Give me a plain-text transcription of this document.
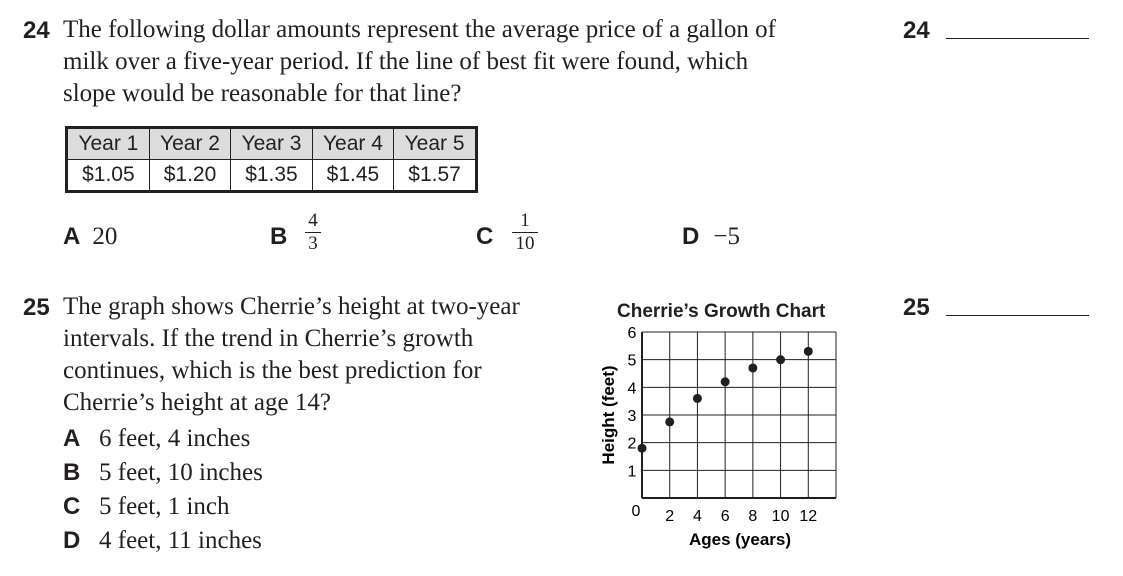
24 The following dollar amounts represent the average price of a gallon of
milk over a five-year period. If the line of best fit were found, which
slope would be reasonable for that line?
24
Year 1	Year 2	Year 3	Year 4	Year 5
$1.05	$1.20	$1.35	$1.45	$1.57
A 20	B
4
3	C
1
10	D −5
25 The graph shows Cherrie’s height at two-year
intervals. If the trend in Cherrie’s growth
continues, which is the best prediction for
Cherrie’s height at age 14?
A 6 feet, 4 inches
B 5 feet, 10 inches
C 5 feet, 1 inch
D 4 feet, 11 inches
25
Cherrie’s Growth Chart
1
2
3
4
5
6
2 4 6 8 10 12
Ages (years)
Height (feet)
0
